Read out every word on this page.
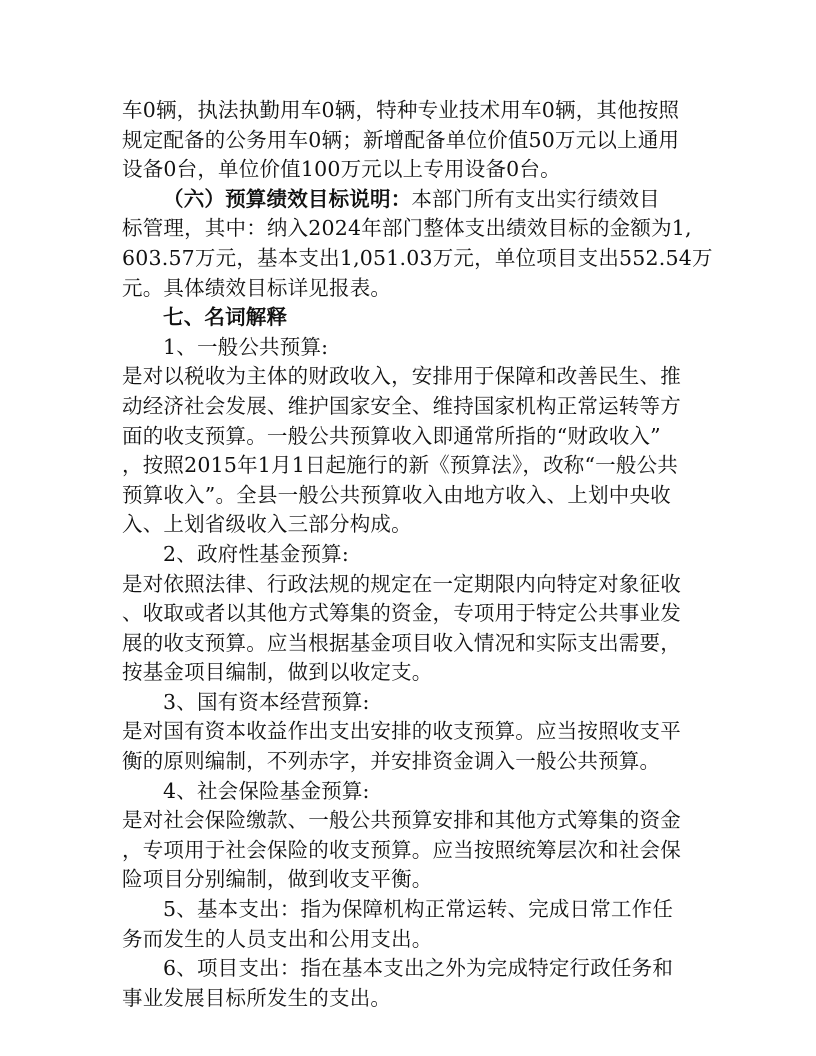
车0辆，执法执勤用车0辆，特种专业技术用车0辆，其他按照
规定配备的公务用车0辆；新增配备单位价值50万元以上通用
设备0台，单位价值100万元以上专用设备0台。
（六）预算绩效目标说明：本部门所有支出实行绩效目
标管理，其中：纳入2024年部门整体支出绩效目标的金额为1,
603.57万元，基本支出1,051.03万元，单位项目支出552.54万
元。具体绩效目标详见报表。
七、名词解释
1、一般公共预算:
是对以税收为主体的财政收入，安排用于保障和改善民生、推
动经济社会发展、维护国家安全、维持国家机构正常运转等方
面的收支预算。一般公共预算收入即通常所指的“财政收入”
，按照2015年1月1日起施行的新《预算法》，改称“一般公共
预算收入”。全县一般公共预算收入由地方收入、上划中央收
入、上划省级收入三部分构成。
2、政府性基金预算:
是对依照法律、行政法规的规定在一定期限内向特定对象征收
、收取或者以其他方式筹集的资金，专项用于特定公共事业发
展的收支预算。应当根据基金项目收入情况和实际支出需要，
按基金项目编制，做到以收定支。
3、国有资本经营预算:
是对国有资本收益作出支出安排的收支预算。应当按照收支平
衡的原则编制，不列赤字，并安排资金调入一般公共预算。
4、社会保险基金预算:
是对社会保险缴款、一般公共预算安排和其他方式筹集的资金
，专项用于社会保险的收支预算。应当按照统筹层次和社会保
险项目分别编制，做到收支平衡。
5、基本支出：指为保障机构正常运转、完成日常工作任
务而发生的人员支出和公用支出。
6、项目支出：指在基本支出之外为完成特定行政任务和
事业发展目标所发生的支出。
